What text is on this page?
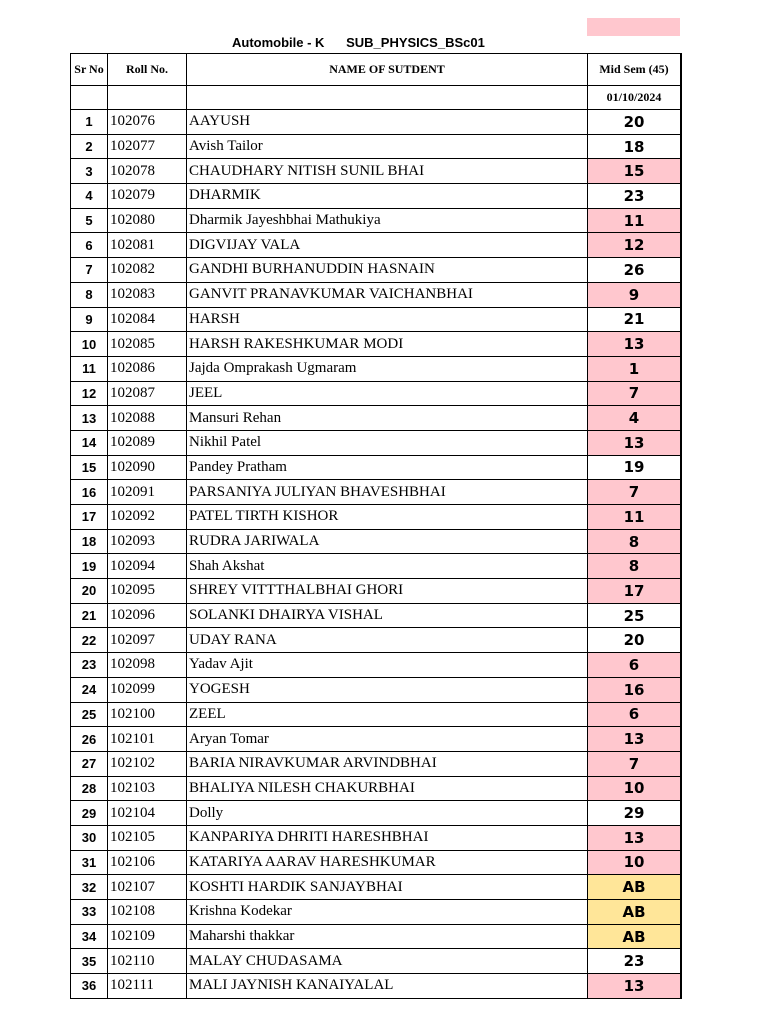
Automobile - K      SUB_PHYSICS_BSc01
Sr No	Roll No.	NAME OF SUTDENT	Mid Sem (45)
			01/10/2024
1	102076	AAYUSH	20
2	102077	Avish Tailor	18
3	102078	CHAUDHARY NITISH SUNIL BHAI	15
4	102079	DHARMIK	23
5	102080	Dharmik Jayeshbhai Mathukiya	11
6	102081	DIGVIJAY VALA	12
7	102082	GANDHI BURHANUDDIN HASNAIN	26
8	102083	GANVIT PRANAVKUMAR VAICHANBHAI	9
9	102084	HARSH	21
10	102085	HARSH RAKESHKUMAR MODI	13
11	102086	Jajda Omprakash Ugmaram	1
12	102087	JEEL	7
13	102088	Mansuri Rehan	4
14	102089	Nikhil Patel	13
15	102090	Pandey Pratham	19
16	102091	PARSANIYA JULIYAN BHAVESHBHAI	7
17	102092	PATEL TIRTH KISHOR	11
18	102093	RUDRA JARIWALA	8
19	102094	Shah Akshat	8
20	102095	SHREY VITTTHALBHAI GHORI	17
21	102096	SOLANKI DHAIRYA VISHAL	25
22	102097	UDAY RANA	20
23	102098	Yadav Ajit	6
24	102099	YOGESH	16
25	102100	ZEEL	6
26	102101	Aryan Tomar	13
27	102102	BARIA NIRAVKUMAR ARVINDBHAI	7
28	102103	BHALIYA NILESH CHAKURBHAI	10
29	102104	Dolly	29
30	102105	KANPARIYA DHRITI HARESHBHAI	13
31	102106	KATARIYA AARAV HARESHKUMAR	10
32	102107	KOSHTI HARDIK SANJAYBHAI	AB
33	102108	Krishna Kodekar	AB
34	102109	Maharshi thakkar	AB
35	102110	MALAY CHUDASAMA	23
36	102111	MALI JAYNISH KANAIYALAL	13
